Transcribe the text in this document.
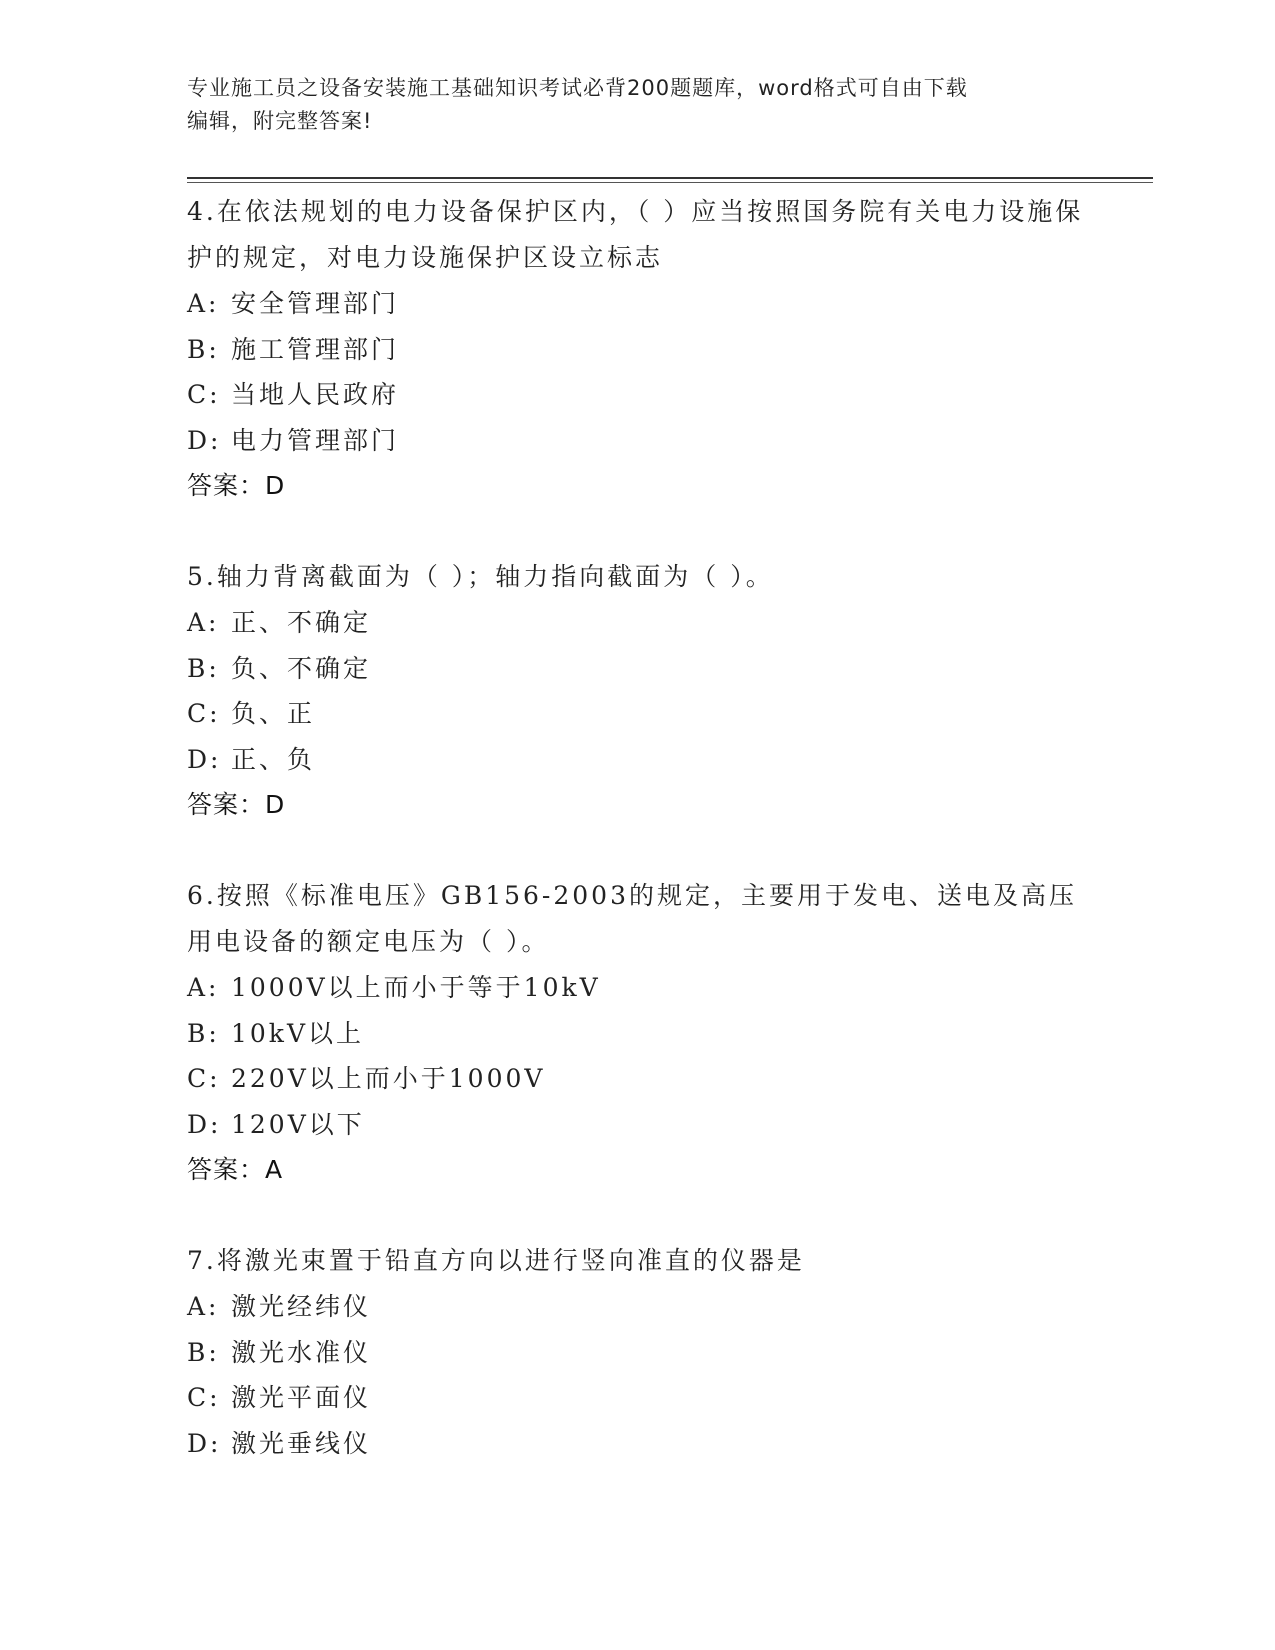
专业施工员之设备安装施工基础知识考试必背200题题库，word格式可自由下载
编辑，附完整答案!
4.在依法规划的电力设备保护区内，（ ）应当按照国务院有关电力设施保护的规定，对电力设施保护区设立标志
A: 安全管理部门
B: 施工管理部门
C: 当地人民政府
D: 电力管理部门
答案：D
5.轴力背离截面为（ ）；轴力指向截面为（ ）。
A: 正、不确定
B: 负、不确定
C: 负、正
D: 正、负
答案：D
6.按照《标准电压》GB156-2003的规定，主要用于发电、送电及高压用电设备的额定电压为（ ）。
A: 1000V以上而小于等于10kV
B: 10kV以上
C: 220V以上而小于1000V
D: 120V以下
答案：A
7.将激光束置于铅直方向以进行竖向准直的仪器是
A: 激光经纬仪
B: 激光水准仪
C: 激光平面仪
D: 激光垂线仪
